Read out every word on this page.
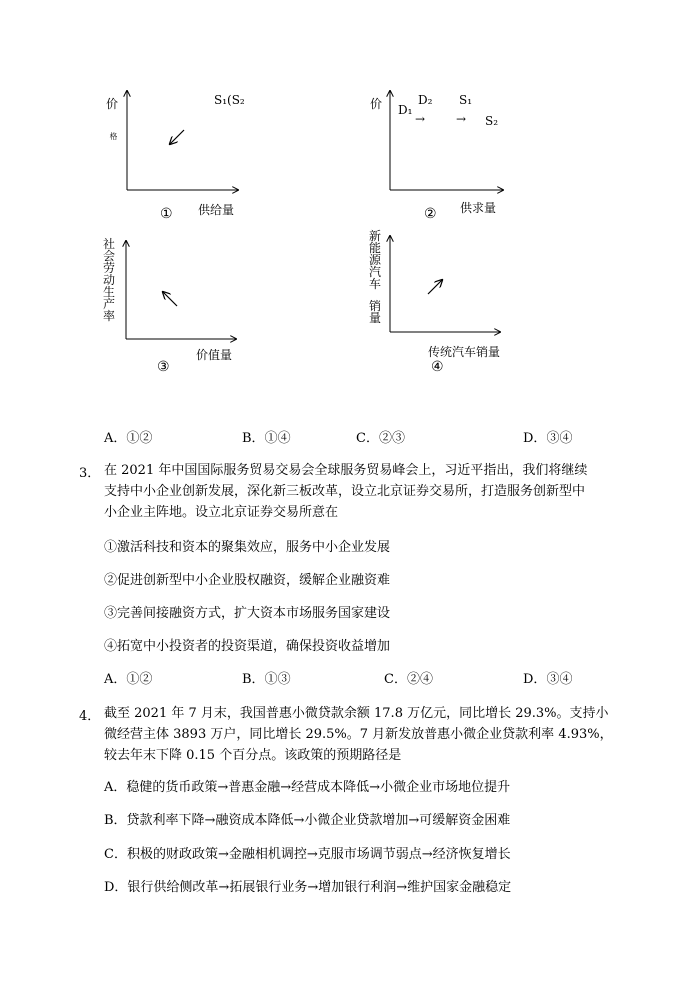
价
格
S₁(S₂
供给量
①
价 D₁
D₂ S₁
S₂
→	→
供求量
②
社
会
劳
动
生
产
率
价值量
③
新
能
源
汽
车
销
量
传统汽车销量
④
A．①②	B．①④	C．②③	D．③④
3． 在 2021 年中国国际服务贸易交易会全球服务贸易峰会上，习近平指出，我们将继续
支持中小企业创新发展，深化新三板改革，设立北京证券交易所，打造服务创新型中
小企业主阵地。设立北京证券交易所意在
①激活科技和资本的聚集效应，服务中小企业发展
②促进创新型中小企业股权融资，缓解企业融资难
③完善间接融资方式，扩大资本市场服务国家建设
④拓宽中小投资者的投资渠道，确保投资收益增加
A．①②	B．①③	C．②④	D．③④
4． 截至 2021 年 7 月末，我国普惠小微贷款余额 17.8 万亿元，同比增长 29.3%。支持小
微经营主体 3893 万户，同比增长 29.5%。7 月新发放普惠小微企业贷款利率 4.93%，
较去年末下降 0.15 个百分点。该政策的预期路径是
A．稳健的货币政策→普惠金融→经营成本降低→小微企业市场地位提升
B．贷款利率下降→融资成本降低→小微企业贷款增加→可缓解资金困难
C．积极的财政政策→金融相机调控→克服市场调节弱点→经济恢复增长
D．银行供给侧改革→拓展银行业务→增加银行利润→维护国家金融稳定
